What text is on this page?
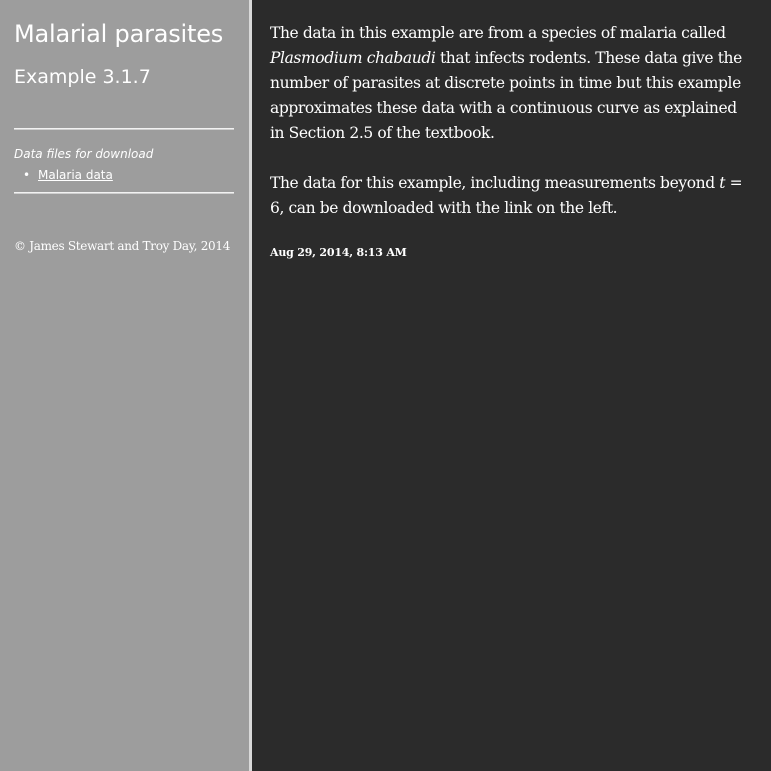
Malarial parasites
Example 3.1.7
Data files for download
• Malaria data
© James Stewart and Troy Day, 2014

The data in this example are from a species of malaria called Plasmodium chabaudi that infects rodents. These data give the number of parasites at discrete points in time but this example approximates these data with a continuous curve as explained in Section 2.5 of the textbook.

The data for this example, including measurements beyond t = 6, can be downloaded with the link on the left.

Aug 29, 2014, 8:13 AM
